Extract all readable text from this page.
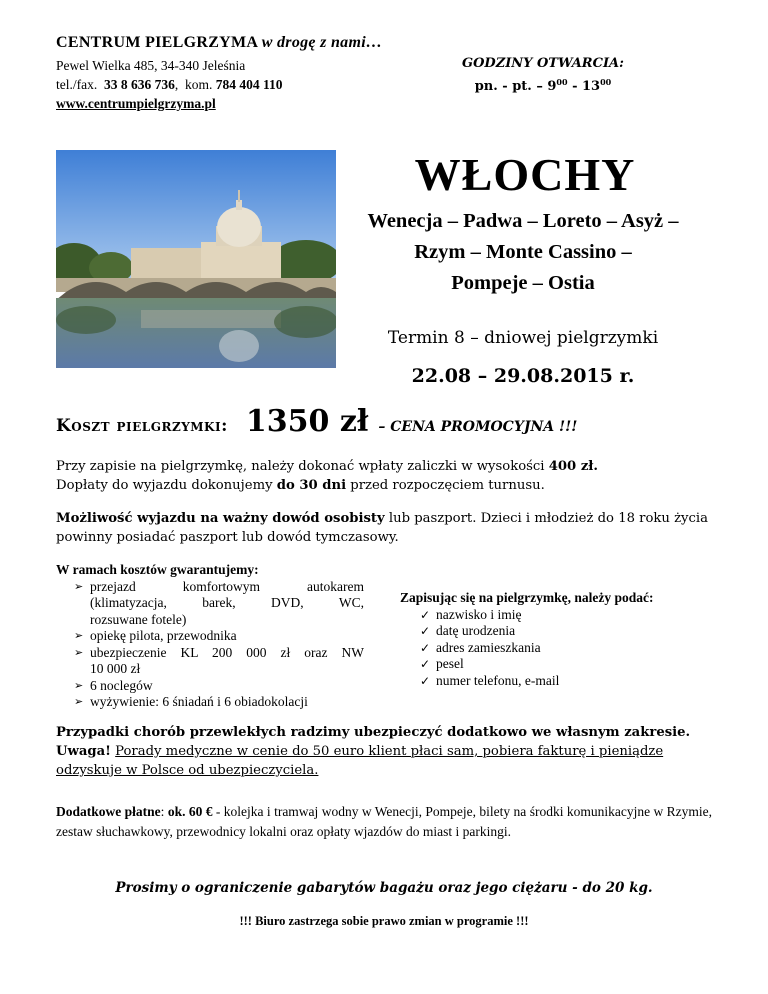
CENTRUM PIELGRZYMA w drogę z nami…
Pewel Wielka 485, 34-340 Jeleśnia
tel./fax. 33 8 636 736,  kom. 784 404 110
www.centrumpielgrzyma.pl
GODZINY OTWARCIA:
pn. - pt. – $9^{00} - 13^{00}$
WŁOCHY
Wenecja – Padwa – Loreto – Asyż –
Rzym – Monte Cassino –
Pompeje – Ostia
Termin 8 – dniowej pielgrzymki
22.08 – 29.08.2015 r.
Koszt pielgrzymki: 1350 zł – CENA PROMOCYJNA !!!
Przy zapisie na pielgrzymkę, należy dokonać wpłaty zaliczki w wysokości 400 zł.
Dopłaty do wyjazdu dokonujemy do 30 dni przed rozpoczęciem turnusu.
Możliwość wyjazdu na ważny dowód osobisty lub paszport. Dzieci i młodzież do 18 roku życia powinny posiadać paszport lub dowód tymczasowy.
W ramach kosztów gwarantujemy:
➢ przejazd komfortowym autokarem
(klimatyzacja, barek, DVD, WC,
rozsuwane fotele)
➢ opiekę pilota, przewodnika
➢ ubezpieczenie KL 200 000 zł oraz NW
10 000 zł
➢ 6 noclegów
➢ wyżywienie: 6 śniadań i 6 obiadokolacji
Zapisując się na pielgrzymkę, należy podać:
✓ nazwisko i imię
✓ datę urodzenia
✓ adres zamieszkania
✓ pesel
✓ numer telefonu, e-mail
Przypadki chorób przewlekłych radzimy ubezpieczyć dodatkowo we własnym zakresie.
Uwaga! Porady medyczne w cenie do 50 euro klient płaci sam, pobiera fakturę i pieniądze odzyskuje w Polsce od ubezpieczyciela.
Dodatkowe płatne: ok. 60 € - kolejka i tramwaj wodny w Wenecji, Pompeje, bilety na środki komunikacyjne w Rzymie, zestaw słuchawkowy, przewodnicy lokalni oraz opłaty wjazdów do miast i parkingi.
Prosimy o ograniczenie gabarytów bagażu oraz jego ciężaru - do 20 kg.
!!! Biuro zastrzega sobie prawo zmian w programie !!!
